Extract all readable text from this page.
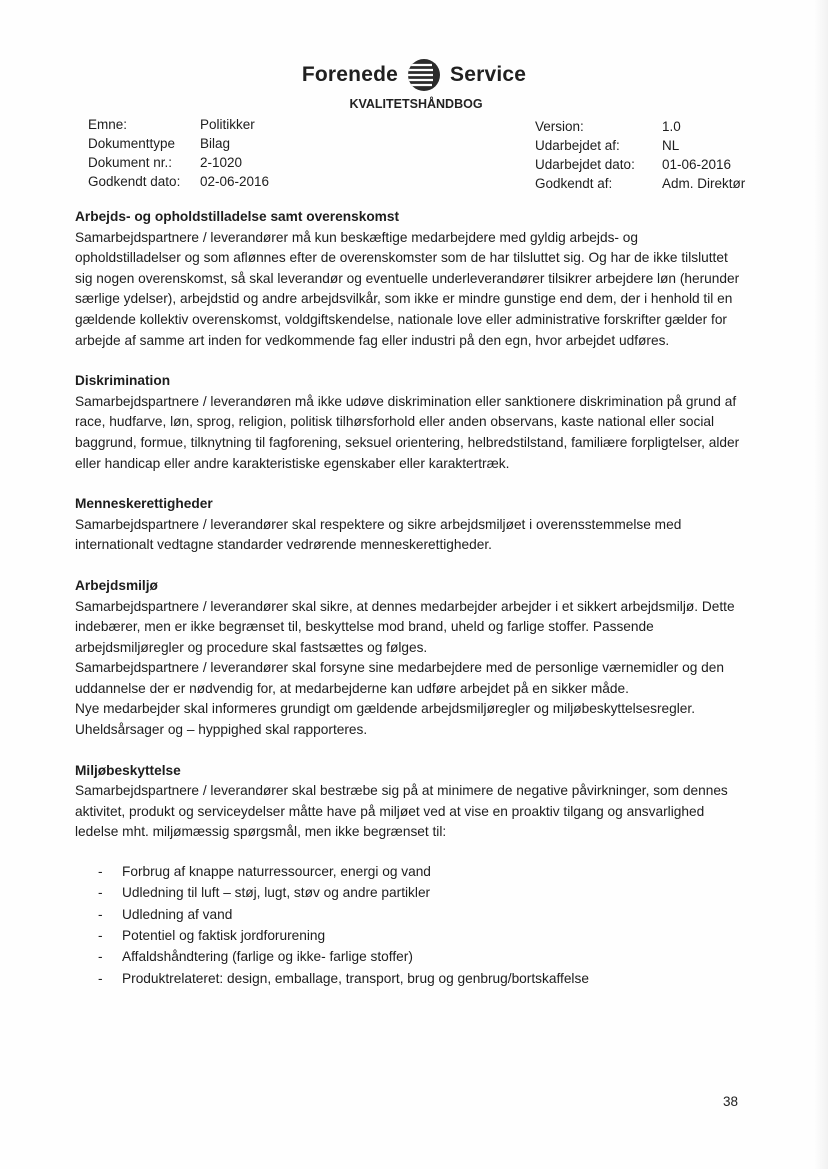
Forenede Service
KVALITETSHÅNDBOG
Emne:	Politikker
Dokumenttype	Bilag
Dokument nr.:	2-1020
Godkendt dato:	02-06-2016
Version:	1.0
Udarbejdet af:	NL
Udarbejdet dato:	01-06-2016
Godkendt af:	Adm. Direktør

Arbejds- og opholdstilladelse samt overenskomst

Samarbejdspartnere / leverandører må kun beskæftige medarbejdere med gyldig arbejds- og opholdstilladelser og som aflønnes efter de overenskomster som de har tilsluttet sig. Og har de ikke tilsluttet sig nogen overenskomst, så skal leverandør og eventuelle underleverandører tilsikrer arbejdere løn (herunder særlige ydelser), arbejdstid og andre arbejdsvilkår, som ikke er mindre gunstige end dem, der i henhold til en gældende kollektiv overenskomst, voldgiftskendelse, nationale love eller administrative forskrifter gælder for arbejde af samme art inden for vedkommende fag eller industri på den egn, hvor arbejdet udføres.

Diskrimination

Samarbejdspartnere / leverandøren må ikke udøve diskrimination eller sanktionere diskrimination på grund af race, hudfarve, løn, sprog, religion, politisk tilhørsforhold eller anden observans, kaste national eller social baggrund, formue, tilknytning til fagforening, seksuel orientering, helbredstilstand, familiære forpligtelser, alder eller handicap eller andre karakteristiske egenskaber eller karaktertræk.

Menneskerettigheder

Samarbejdspartnere / leverandører skal respektere og sikre arbejdsmiljøet i overensstemmelse med internationalt vedtagne standarder vedrørende menneskerettigheder.

Arbejdsmiljø

Samarbejdspartnere / leverandører skal sikre, at dennes medarbejder arbejder i et sikkert arbejdsmiljø. Dette indebærer, men er ikke begrænset til, beskyttelse mod brand, uheld og farlige stoffer. Passende arbejdsmiljøregler og procedure skal fastsættes og følges.

Samarbejdspartnere / leverandører skal forsyne sine medarbejdere med de personlige værnemidler og den uddannelse der er nødvendig for, at medarbejderne kan udføre arbejdet på en sikker måde.

Nye medarbejder skal informeres grundigt om gældende arbejdsmiljøregler og miljøbeskyttelsesregler.

Uheldsårsager og – hyppighed skal rapporteres.

Miljøbeskyttelse

Samarbejdspartnere / leverandører skal bestræbe sig på at minimere de negative påvirkninger, som dennes aktivitet, produkt og serviceydelser måtte have på miljøet ved at vise en proaktiv tilgang og ansvarlighed ledelse mht. miljømæssig spørgsmål, men ikke begrænset til:

- Forbrug af knappe naturressourcer, energi og vand
- Udledning til luft – støj, lugt, støv og andre partikler
- Udledning af vand
- Potentiel og faktisk jordforurening
- Affaldshåndtering (farlige og ikke- farlige stoffer)
- Produktrelateret: design, emballage, transport, brug og genbrug/bortskaffelse
38
